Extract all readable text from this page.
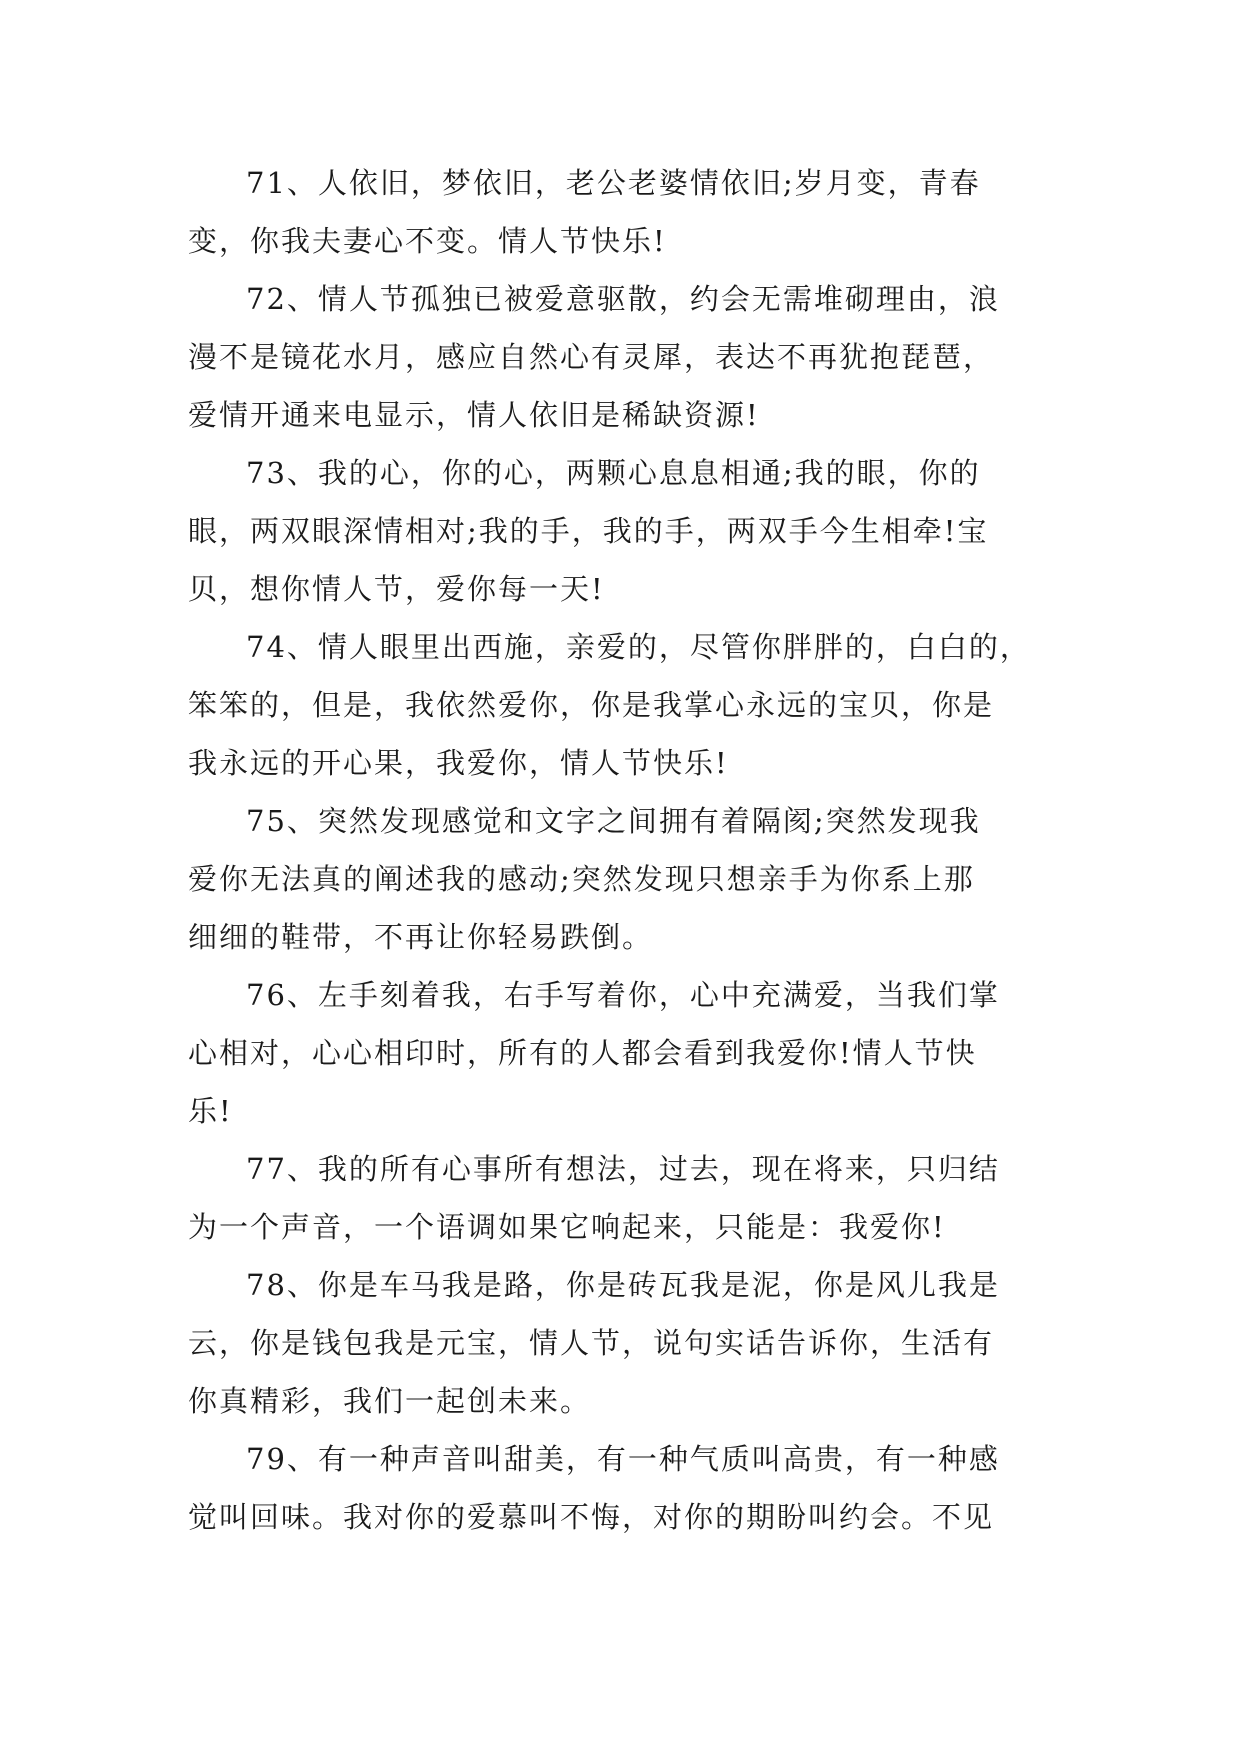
71、人依旧，梦依旧，老公老婆情依旧;岁月变，青春
变，你我夫妻心不变。情人节快乐!

72、情人节孤独已被爱意驱散，约会无需堆砌理由，浪
漫不是镜花水月，感应自然心有灵犀，表达不再犹抱琵琶，
爱情开通来电显示，情人依旧是稀缺资源!

73、我的心，你的心，两颗心息息相通;我的眼，你的
眼，两双眼深情相对;我的手，我的手，两双手今生相牵!宝
贝，想你情人节，爱你每一天!

74、情人眼里出西施，亲爱的，尽管你胖胖的，白白的，
笨笨的，但是，我依然爱你，你是我掌心永远的宝贝，你是
我永远的开心果，我爱你，情人节快乐!

75、突然发现感觉和文字之间拥有着隔阂;突然发现我
爱你无法真的阐述我的感动;突然发现只想亲手为你系上那
细细的鞋带，不再让你轻易跌倒。

76、左手刻着我，右手写着你，心中充满爱，当我们掌
心相对，心心相印时，所有的人都会看到我爱你!情人节快
乐!

77、我的所有心事所有想法，过去，现在将来，只归结
为一个声音，一个语调如果它响起来，只能是：我爱你!

78、你是车马我是路，你是砖瓦我是泥，你是风儿我是
云，你是钱包我是元宝，情人节，说句实话告诉你，生活有
你真精彩，我们一起创未来。

79、有一种声音叫甜美，有一种气质叫高贵，有一种感
觉叫回味。我对你的爱慕叫不悔，对你的期盼叫约会。不见
